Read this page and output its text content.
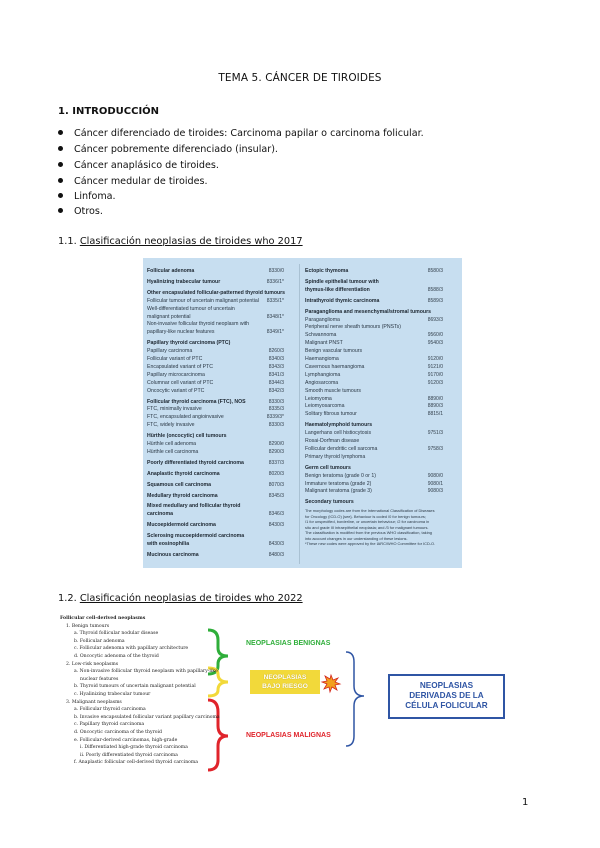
TEMA 5. CÁNCER DE TIROIDES
1. INTRODUCCIÓN
Cáncer diferenciado de tiroides: Carcinoma papilar o carcinoma folicular.
Cáncer pobremente diferenciado (insular).
Cáncer anaplásico de tiroides.
Cáncer medular de tiroides.
Linfoma.
Otros.
1.1. Clasificación neoplasias de tiroides who 2017
Follicular adenoma	8330/0
Hyalinizing trabecular tumour	8336/1*
Other encapsulated follicular-patterned thyroid tumours
Follicular tumour of uncertain malignant potential	8335/1*
Well-differentiated tumour of uncertain
malignant potential	8348/1*
Non-invasive follicular thyroid neoplasm with
papillary-like nuclear features	8349/1*
Papillary thyroid carcinoma (PTC)
Papillary carcinoma	8260/3
Follicular variant of PTC	8340/3
Encapsulated variant of PTC	8343/3
Papillary microcarcinoma	8341/3
Columnar cell variant of PTC	8344/3
Oncocytic variant of PTC	8342/3
Follicular thyroid carcinoma (FTC), NOS	8330/3
FTC, minimally invasive	8335/3
FTC, encapsulated angioinvasive	8339/3*
FTC, widely invasive	8330/3
Hürthle (oncocytic) cell tumours
Hürthle cell adenoma	8290/0
Hürthle cell carcinoma	8290/3
Poorly differentiated thyroid carcinoma	8337/3
Anaplastic thyroid carcinoma	8020/3
Squamous cell carcinoma	8070/3
Medullary thyroid carcinoma	8345/3
Mixed medullary and follicular thyroid
carcinoma	8346/3
Mucoepidermoid carcinoma	8430/3
Sclerosing mucoepidermoid carcinoma
with eosinophilia	8430/3
Mucinous carcinoma	8480/3
Ectopic thymoma	8580/3
Spindle epithelial tumour with
thymus-like differentiation	8588/3
Intrathyroid thymic carcinoma	8589/3
Paraganglioma and mesenchymal/stromal tumours
Paraganglioma	8693/3
Peripheral nerve sheath tumours (PNSTs)
Schwannoma	9560/0
Malignant PNST	9540/3
Benign vascular tumours
Haemangioma	9120/0
Cavernous haemangioma	9121/0
Lymphangioma	9170/0
Angiosarcoma	9120/3
Smooth muscle tumours
Leiomyoma	8890/0
Leiomyosarcoma	8890/3
Solitary fibrous tumour	8815/1
Haematolymphoid tumours
Langerhans cell histiocytosis	9751/3
Rosai-Dorfman disease
Follicular dendritic cell sarcoma	9758/3
Primary thyroid lymphoma
Germ cell tumours
Benign teratoma (grade 0 or 1)	9080/0
Immature teratoma (grade 2)	9080/1
Malignant teratoma (grade 3)	9080/3
Secondary tumours
The morphology codes are from the International Classification of Diseases
for Oncology (ICD-O) {see}. Behaviour is coded /0 for benign tumours;
/1 for unspecified, borderline, or uncertain behaviour; /2 for carcinoma in
situ and grade III intraepithelial neoplasia; and /3 for malignant tumours.
The classification is modified from the previous WHO classification, taking
into account changes in our understanding of these lesions.
*These new codes were approved by the IARC/WHO Committee for ICD-O.
1.2. Clasificación neoplasias de tiroides who 2022
NEOPLASIAS BENIGNAS
NEOPLASIAS
BAJO RIESGO
NEOPLASIAS MALIGNAS
NEOPLASIAS
DERIVADAS DE LA
CÉLULA FOLICULAR
Follicular cell-derived neoplasms
1. Benign tumours
a. Thyroid follicular nodular disease
b. Follicular adenoma
c. Follicular adenoma with papillary architecture
d. Oncocytic adenoma of the thyroid
2. Low-risk neoplasms
a. Non-invasive follicular thyroid neoplasm with papillary-like
nuclear features
b. Thyroid tumours of uncertain malignant potential
c. Hyalinizing trabecular tumour
3. Malignant neoplasms
a. Follicular thyroid carcinoma
b. Invasive encapsulated follicular variant papillary carcinoma
c. Papillary thyroid carcinoma
d. Oncocytic carcinoma of the thyroid
e. Follicular-derived carcinomas, high-grade
i. Differentiated high-grade thyroid carcinoma
ii. Poorly differentiated thyroid carcinoma
f. Anaplastic follicular cell-derived thyroid carcinoma
1
